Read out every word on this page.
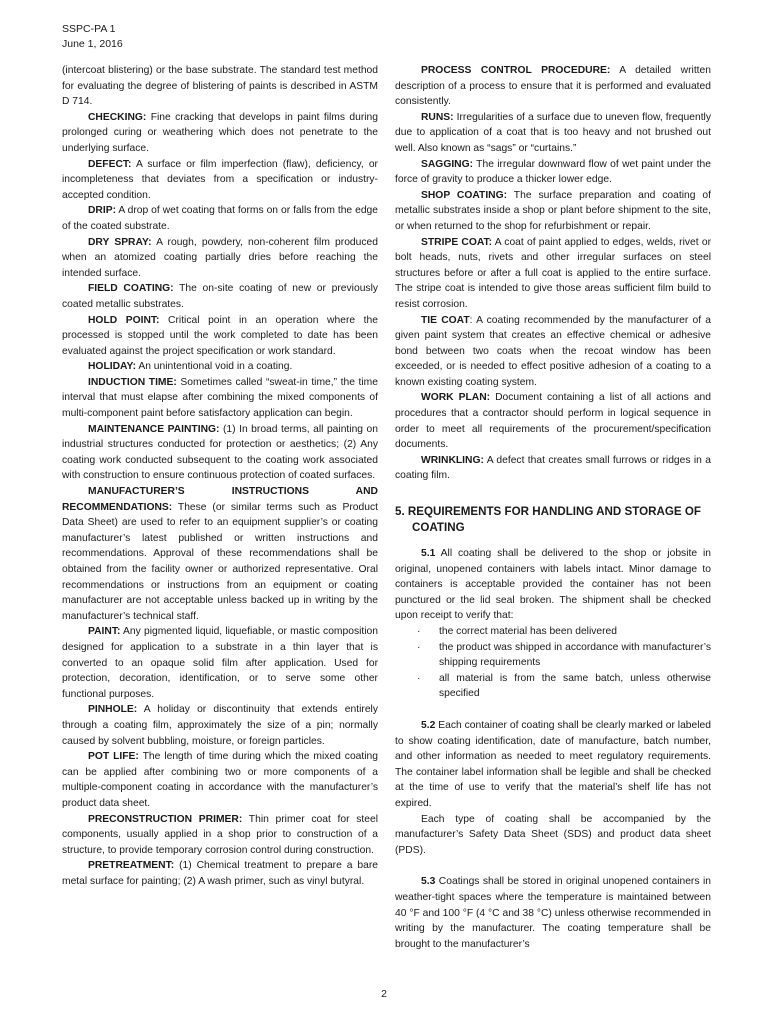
SSPC-PA 1
June 1, 2016

(intercoat blistering) or the base substrate. The standard test method for evaluating the degree of blistering of paints is described in ASTM D 714.

CHECKING: Fine cracking that develops in paint films during prolonged curing or weathering which does not penetrate to the underlying surface.

DEFECT: A surface or film imperfection (flaw), deficiency, or incompleteness that deviates from a specification or industry-accepted condition.

DRIP: A drop of wet coating that forms on or falls from the edge of the coated substrate.

DRY SPRAY: A rough, powdery, non-coherent film produced when an atomized coating partially dries before reaching the intended surface.

FIELD COATING: The on-site coating of new or previously coated metallic substrates.

HOLD POINT: Critical point in an operation where the processed is stopped until the work completed to date has been evaluated against the project specification or work standard.

HOLIDAY: An unintentional void in a coating.

INDUCTION TIME: Sometimes called “sweat-in time,” the time interval that must elapse after combining the mixed components of multi-component paint before satisfactory application can begin.

MAINTENANCE PAINTING: (1) In broad terms, all painting on industrial structures conducted for protection or aesthetics; (2) Any coating work conducted subsequent to the coating work associated with construction to ensure continuous protection of coated surfaces.

MANUFACTURER’S INSTRUCTIONS AND RECOMMENDATIONS: These (or similar terms such as Product Data Sheet) are used to refer to an equipment supplier’s or coating manufacturer’s latest published or written instructions and recommendations. Approval of these recommendations shall be obtained from the facility owner or authorized representative. Oral recommendations or instructions from an equipment or coating manufacturer are not acceptable unless backed up in writing by the manufacturer’s technical staff.

PAINT: Any pigmented liquid, liquefiable, or mastic composition designed for application to a substrate in a thin layer that is converted to an opaque solid film after application. Used for protection, decoration, identification, or to serve some other functional purposes.

PINHOLE: A holiday or discontinuity that extends entirely through a coating film, approximately the size of a pin; normally caused by solvent bubbling, moisture, or foreign particles.

POT LIFE: The length of time during which the mixed coating can be applied after combining two or more components of a multiple-component coating in accordance with the manufacturer’s product data sheet.

PRECONSTRUCTION PRIMER: Thin primer coat for steel components, usually applied in a shop prior to construction of a structure, to provide temporary corrosion control during construction.

PRETREATMENT: (1) Chemical treatment to prepare a bare metal surface for painting; (2) A wash primer, such as vinyl butyral.

PROCESS CONTROL PROCEDURE: A detailed written description of a process to ensure that it is performed and evaluated consistently.

RUNS: Irregularities of a surface due to uneven flow, frequently due to application of a coat that is too heavy and not brushed out well. Also known as “sags” or “curtains.”

SAGGING: The irregular downward flow of wet paint under the force of gravity to produce a thicker lower edge.

SHOP COATING: The surface preparation and coating of metallic substrates inside a shop or plant before shipment to the site, or when returned to the shop for refurbishment or repair.

STRIPE COAT: A coat of paint applied to edges, welds, rivet or bolt heads, nuts, rivets and other irregular surfaces on steel structures before or after a full coat is applied to the entire surface. The stripe coat is intended to give those areas sufficient film build to resist corrosion.

TIE COAT: A coating recommended by the manufacturer of a given paint system that creates an effective chemical or adhesive bond between two coats when the recoat window has been exceeded, or is needed to effect positive adhesion of a coating to a known existing coating system.

WORK PLAN: Document containing a list of all actions and procedures that a contractor should perform in logical sequence in order to meet all requirements of the procurement/specification documents.

WRINKLING: A defect that creates small furrows or ridges in a coating film.

5. REQUIREMENTS FOR HANDLING AND STORAGE OF COATING

5.1 All coating shall be delivered to the shop or jobsite in original, unopened containers with labels intact. Minor damage to containers is acceptable provided the container has not been punctured or the lid seal broken. The shipment shall be checked upon receipt to verify that:

· the correct material has been delivered
· the product was shipped in accordance with manufacturer’s shipping requirements
· all material is from the same batch, unless otherwise specified

5.2 Each container of coating shall be clearly marked or labeled to show coating identification, date of manufacture, batch number, and other information as needed to meet regulatory requirements. The container label information shall be legible and shall be checked at the time of use to verify that the material’s shelf life has not expired.

Each type of coating shall be accompanied by the manufacturer’s Safety Data Sheet (SDS) and product data sheet (PDS).

5.3 Coatings shall be stored in original unopened containers in weather-tight spaces where the temperature is maintained between 40 °F and 100 °F (4 °C and 38 °C) unless otherwise recommended in writing by the manufacturer. The coating temperature shall be brought to the manufacturer’s

2
